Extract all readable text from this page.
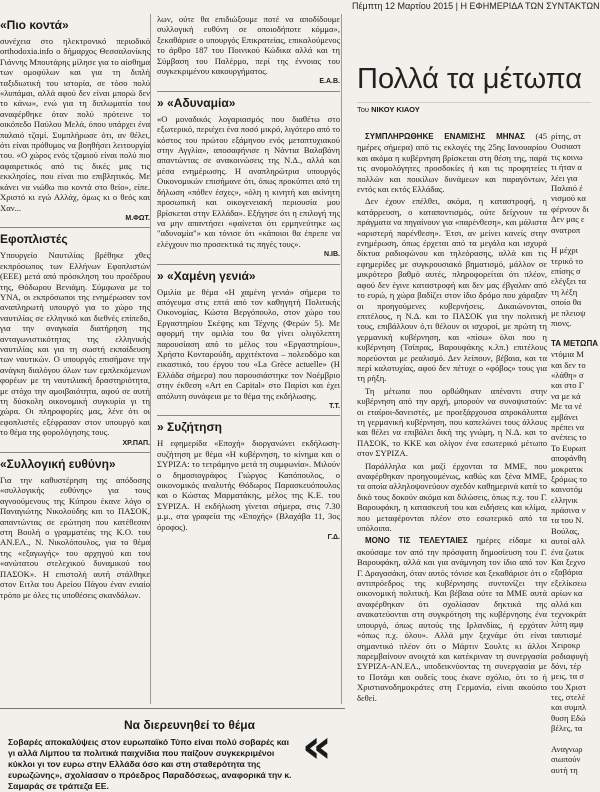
Πέμπτη 12 Μαρτίου 2015 | Η ΕΦΗΜΕΡΙΔΑ ΤΩΝ ΣΥΝΤΑΚΤΩΝ
«Πιο κοντά»

συνέχεια στο ηλεκτρονικό περιοδικό orthodoxia.info ο δήμαρχος Θεσσαλονίκης Γιάννης Μπουτάρης μίλησε για το αίσθημα των ομοφύλων και για τη διπλή ταξιδιωτική του ιστορία, σε τόσο πολύ «λυπάμαι, αλλά αφού δεν είναι μπορώ δεν το κάνω», ενώ για τη διπλωματία του αναφέρθηκε όταν πολύ πρότεινε το οικόπεδο Παύλου Μελά, όπου υπάρχει ένα παλαιό τζαμί. Συμπλήρωσε ότι, αν θέλει, ότι είναι πρόθυμος να βοηθήσει λειτουργία του. «Ο χώρος ενός τζαμιού είναι πολύ πιο αφαιρετικός από τις δικές μας τις εκκλησίες, που είναι πιο επιβλητικός. Με κάνει να νιώθω πιο κοντά στο θείο», είπε. Χριστό κι εγώ Αλλάχ, όμως κι ο θεός και Χαν...

Μ.ΦΩΤ.
Εφοπλιστές

Υπουργείο Ναυτιλίας βρέθηκε χθες εκπρόσωπος των Ελλήνων Εφοπλιστών (ΕΕΕ) μετά από πρόσκληση του προέδρου της, Θόδωρου Βενιάμη. Σύμφωνα με το ΥΝΑ, οι εκπρόσωποι της ενημέρωσαν τον αναπληρωτή υπουργό για το χώρο της ναυτιλίας σε ελληνικό και διεθνές επίπεδο, για την αναγκαία διατήρηση της ανταγωνιστικότητας της ελληνικής ναυτιλίας και για τη σωστή εκπαίδευση των ναυτικών. Ο υπουργός επισήμανε την ανάγκη διαλόγου όλων των εμπλεκόμενων φορέων με τη ναυτιλιακή δραστηριότητα, με στόχο την αμοιβαιότητα, αφού σε αυτή τη δύσκολη οικονομική συγκυρία γι τη χώρα. Οι πληροφορίες μας, λένε ότι οι εφοπλιστές εξέφρασαν στον υπουργό και το θέμα της φορολόγησης τους.

ΧΡ.ΠΑΠ.
«Συλλογική ευθύνη»

Για την καθυστέρηση της απόδοσης «συλλογικής ευθύνης» για τους αγνοούμενους της Κύπρου έκανε λόγο ο Παναγιώτης Νικολούδης και το ΠΑΣΟΚ, απαντώντας σε ερώτηση που κατέθεσαν στη Βουλή ο γραμματέας της Κ.Ο. του ΑΝ.ΕΛ., Ν. Νικολόπουλος, για το θέμα της «εξαγωγής» του αρχηγού και του «ανώτατου στελεχικού δυναμικού του ΠΑΣΟΚ». Η επιστολή αυτή στάλθηκε στον Ειτλα του Αρείου Πάγου έναν ενιαίο τρόπο με όλες τις υποθέσεις σκανδάλων.

λων, ούτε θα επιδιώξουμε ποτέ να αποδίδουμε συλλογική ευθύνη σε οποιοδήποτε κόμμα», ξεκαθάρισε ο υπουργός Επικρατείας, επικαλούμενος το άρθρο 187 του Ποινικού Κώδικα αλλά και τη Σύμβαση του Παλέρμο, περί της έννοιας του συγκεκριμένου κακουργήματος.

Ε.Α.Β.
» «Αδυναμία»

«Ο μοναδικός λογαριασμός που διαθέτω στο εξωτερικό, περιέχει ένα ποσό μικρό, λιγότερο από το κόστος του πρώτου εξάμηνου ενός μεταπτυχιακού στην Αγγλία», αποσαφήνισε η Νάντια Βαλαβάνη απαντώντας σε ανακοινώσεις της Ν.Δ., αλλά και μέσα ενημέρωσης. Η αναπληρώτρια υπουργός Οικονομικών επισήμανε ότι, όπως προκύπτει από τη δήλωση «πόθεν έσχες», «όλη η κινητή και ακίνητη προσωπική και οικογενειακή περιουσία μου βρίσκεται στην Ελλάδα». Εξήγησε ότι η επιλογή της να μην απαντήσει «φαίνεται ότι ερμηνεύτηκε ως "αδυναμία"» και τόνισε ότι «κάποιοι θα έπρεπε να ελέγχουν πιο προσεκτικά τις πηγές τους».

Ν.ΙΒ.
» «Χαμένη γενιά»

Ομιλία με θέμα «Η χαμένη γενιά» σήμερα το απόγευμα στις επτά από τον καθηγητή Πολιτικής Οικονομίας, Κώστα Βεργόπουλο, στον χώρο του Εργαστηρίου Σκέψης και Τέχνης (Φερών 5). Με αφορμή την ομιλία του θα γίνει ολιγόλεπτη παρουσίαση από το μέλος του «Εργαστηρίου», Χρήστο Κονταρούδη, αρχιτέκτονα – πολεοδόμο και εικαστικό, του έργου του «La Grèce actuelle» (Η Ελλάδα σήμερα) που παρουσιάστηκε τον Νοέμβριο στην έκθεση «Art en Capital» στο Παρίσι και έχει απόλυτη συνάφεια με το θέμα της εκδήλωσης.

Τ.Τ.
» Συζήτηση

Η εφημερίδα «Εποχή» διοργανώνει εκδήλωση-συζήτηση με θέμα «Η κυβέρνηση, το κίνημα και ο ΣΥΡΙΖΑ: το τετράμηνο μετά τη συμφωνία». Μιλούν ο δημοσιογράφος Γιώργος Καπόπουλος, ο οικονομικός αναλυτής Θόδωρος Παρασκευόπουλος και ο Κώστας Μαρματάκης, μέλος της Κ.Ε. του ΣΥΡΙΖΑ. Η εκδήλωση γίνεται σήμερα, στις 7.30 μ.μ., στα γραφεία της «Εποχής» (Βλαχάβα 11, 3ος όροφος).

Γ.Δ.
Πολλά τα μέτωπα
Του ΝΙΚΟΥ ΚΙΑΟΥ

ΣΥΜΠΛΗΡΩΘΗΚΕ ΕΝΑΜΙΣΗΣ ΜΗΝΑΣ (45 ημέρες σήμερα) από τις εκλογές της 25ης Ιανουαρίου και ακόμα η κυβέρνηση βρίσκεται στη θέση της, παρά τις ανομολόγητες προσδοκίες ή και τις προφητείες πολλών και ποικίλων δυνάμεων και παραγόντων, εντός και εκτός Ελλάδας.

Δεν έχουν επέλθει, ακόμα, η καταστροφή, η κατάρρευση, ο καταποντισμός, ούτε δείχνουν τα πράγματα να πηγαίνουν για «παρένθεση», και μάλιστα «αριστερή παρένθεση». Έτσι, αν μείνει κανείς στην ενημέρωση, όπως έρχεται από τα μεγάλα και ισχυρά δίκτυα ραδιοφώνου και τηλεόρασης, αλλά και τις εφημερίδες με συγκρουσιακό βηματισμό, μάλλον σε μικρότερο βαθμό αυτές, πληροφορείται ότι πλέον, αφού δεν έγινε καταστροφή και δεν μας έβγαλαν από το ευρώ, η χώρα βαδίζει στον ίδιο δρόμο που χάραξαν οι προηγούμενες κυβερνήσεις. Δικαιώνονται, επιτέλους, η Ν.Δ. και το ΠΑΣΟΚ για την πολιτική τους, επιβάλλουν ό,τι θέλουν οι ισχυροί, με πρώτη τη γερμανική κυβέρνηση, και «πίσω» όλοι που η κυβέρνηση (Τσίπρας, Βαρουφάκης κ.λπ.) επιτέλους πορεύονται με ρεαλισμό. Δεν λείπουν, βέβαια, και τα περί καλοτυχίας, αφού δεν πέτυχε ο «φόβος» τους για τη ρήξη.

Τη μέτωπα που ορθώθηκαν απέναντι στην κυβέρνηση από την αρχή, μπορούν να συνοψιστούν: οι εταίροι-δανειστές, με προεξάρχουσα απροκάλυπτα τη γερμανική κυβέρνηση, που καπελώνει τους άλλους και θέλει να επιβάλει δική της γνώμη, η Ν.Δ. και το ΠΑΣΟΚ, το ΚΚΕ και ολίγον ένα εσωτερικό μέτωπο στον ΣΥΡΙΖΑ.

Παράλληλα και μαζί έρχονται τα ΜΜΕ, που αναφέρθηκαν προηγουμένως, καθώς και ξένα ΜΜΕ, τα οποία αλληλοψονεύουν σχεδόν καθημερινά κατά το δικό τους δοκούν ακόμα και διλώσεις, όπως π.χ. του Γ. Βαρουφάκη, η κατασκευή του και ειδήσεις και κλίμα, που μεταφέρονται πλέον στο εσωτερικό από τα υπόλοιπα.

ΜΟΝΟ ΤΙΣ ΤΕΛΕΥΤΑΙΕΣ ημέρες είδαμε κι ακούσαμε τον από την πρόσφατη δημοσίευση του Γ. Βαρουφάκη, αλλά και για ανάμνηση τον ίδιο από τον Γ. Δραγασάκη, όταν αυτός τόνισε και ξεκαθάρισε ότι ο αντιπρόεδρος της κυβέρνησης συντονίζει την οικονομική πολιτική. Και βέβαια ούτε τα ΜΜΕ αυτά αναφέρθηκαν ότι σχολίασαν δηκτικά της ανακατεύονται στη συγκρότηση της κυβέρνησης ένα υπουργό, όπως αυτούς της Ιρλανδίας, ή ερχόταν «όπως π.χ. όλου». Αλλά μην ξεχνάμε ότι είναι σημαντικό πλέον ότι ο Μάρτιν Σουλτς κι άλλοι παρεμβαίνουν ανοιχτά και κατέκριναν τη συνεργασία ΣΥΡΙΖΑ-ΑΝ.ΕΛ., υποδεικνύοντας τη συνεργασία με το Ποτάμι και ουδείς τους έκανε σχόλιο, ότι το ή Χριστιανοδημοκράτες στη Γερμανία, είναι ακούσιο δεθεί.

ρίτης, στ
Ουσιαστ
τις κοινω
τι ήταν α
λέει για
Παλαιό έ
νισμού κα
φέρνουν δι
Δεν μας ε
ανατροπ
Η μέχρι
τερικό το
επίσης σ
ελέγξει τα
τη λέξη
οποίο θα
με πλειοψ
πιονς.
ΤΑ ΜΕΤΩΠΑ
ντόμια Μ
και δεν το
«λάθη» σ
και στο Γ
να με κά
Με τα νέ
εμβάνει
πρέπει να
ανέπεις το
Το Ευρωπ
αποφάνθη
μοκρατικ
ξρόμως το
καινοτόμ
ελληνικ
πράσινα ν
τα του Ν.
Βούλας,
αυτοί αλλ
ένα ζωτικ
Και ξεχνο
εξαβάρια
εξελίκσεω
αρίων κα
αλλά και
τεχνοκράτ
λύτη αμφ
ταυτισμέ
Χειροκρ
ροδιαφυγή
δόνι, τέρ
μεις, τα σ
του Χριστ
τες, στελέ
και συμπλ
θυση Εδώ
βέλες, τα
Αναγνωρ
σιωπούν
αυτή τη
Να διερευνηθεί το θέμα
Σοβαρές αποκαλύψεις στον ευρωπαϊκό Τύπο είναι πολύ σοβαρές και γι αλλά Λίμπου τα πολιτικά παιχνίδια που παίζουν συγκεκριμένοι κύκλοι γι τον ευρω στην Ελλάδα όσο και στη σταθερότητα της ευρωζώνης», σχολίασαν ο πρόεδρος Παραδόσεως, αναφορικά την κ. Σαμαράς σε τράπεζα ΕΕ.
«
